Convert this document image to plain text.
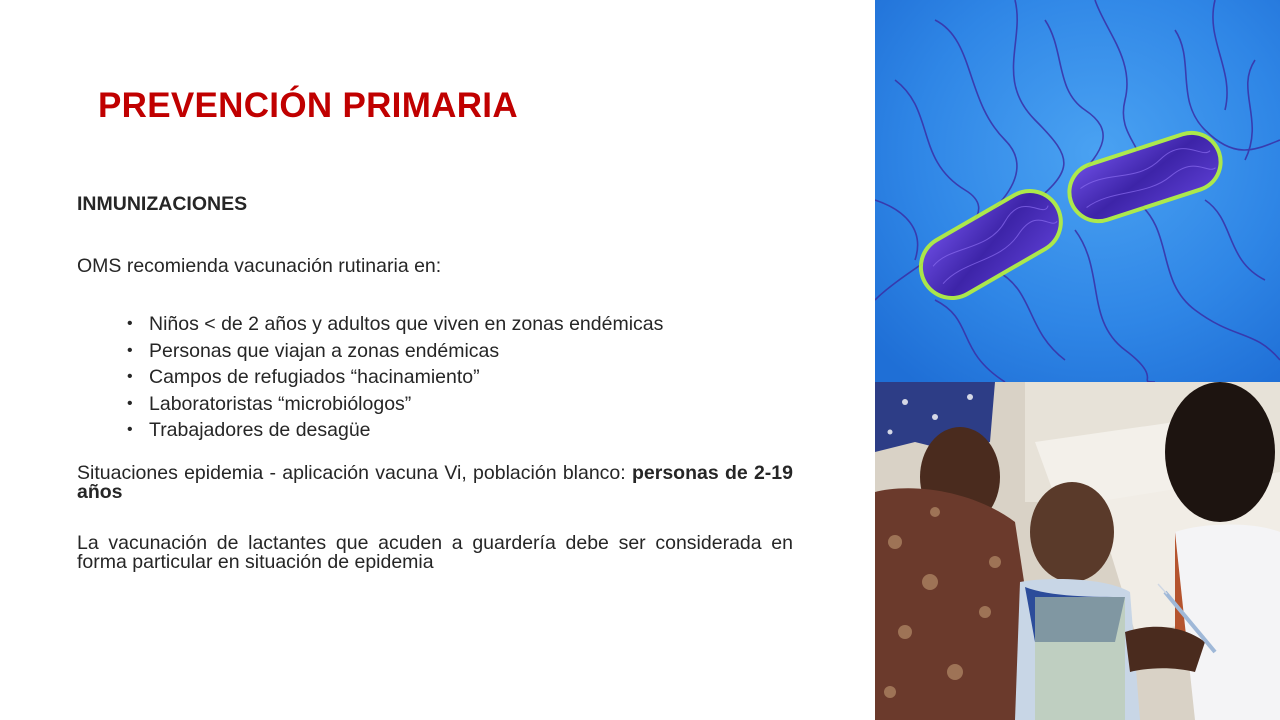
PREVENCIÓN PRIMARIA

INMUNIZACIONES

OMS recomienda vacunación rutinaria en:

• Niños < de 2 años y adultos que viven en zonas endémicas
• Personas que viajan a zonas endémicas
• Campos de refugiados “hacinamiento”
• Laboratoristas “microbiólogos”
• Trabajadores de desagüe

Situaciones epidemia - aplicación vacuna Vi, población blanco: personas de 2-19 años

La vacunación de lactantes que acuden a guardería debe ser considerada en forma particular en situación de epidemia
